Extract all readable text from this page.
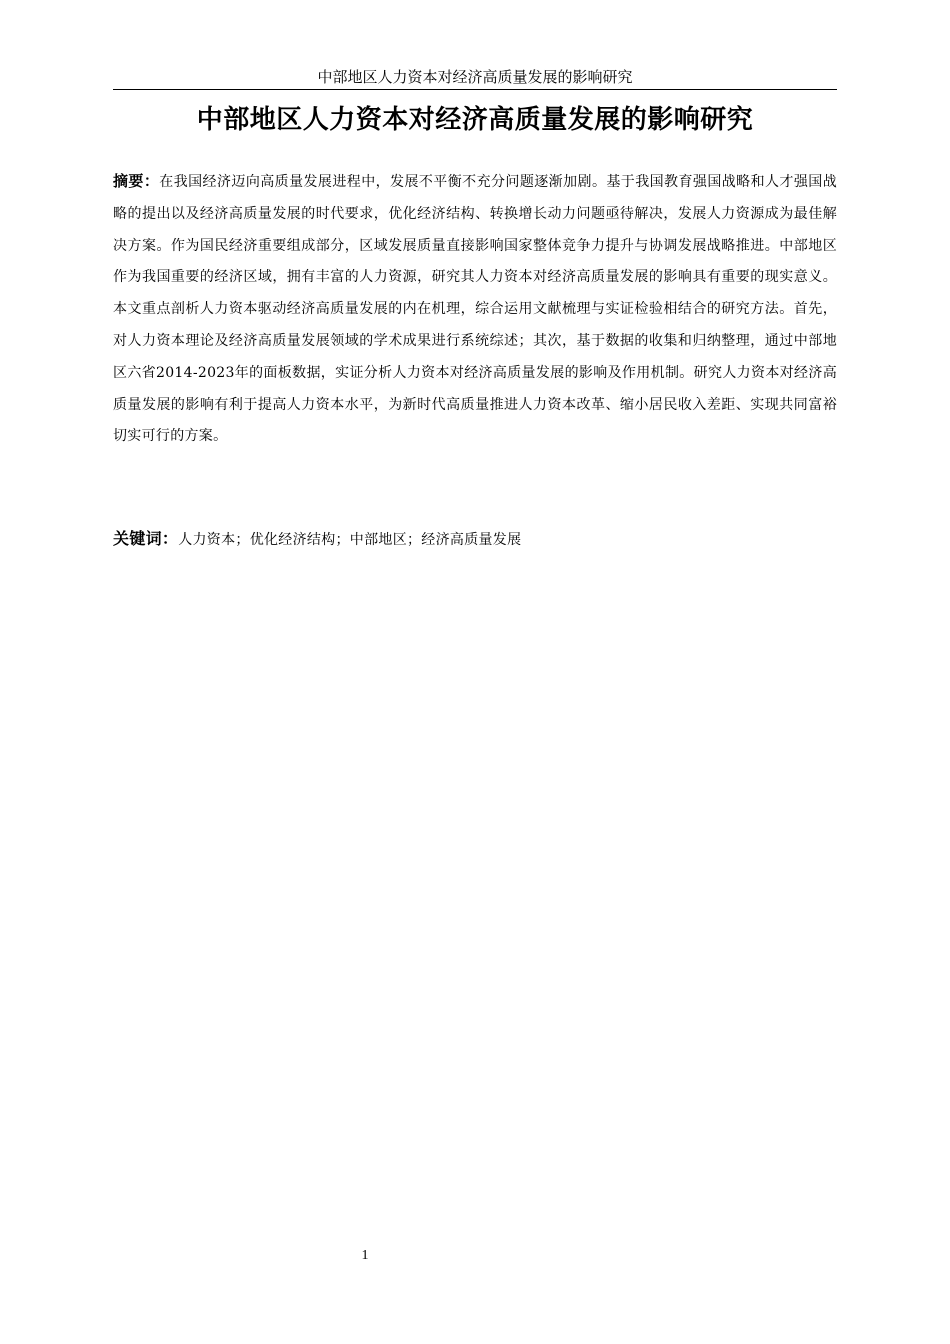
中部地区人力资本对经济高质量发展的影响研究
中部地区人力资本对经济高质量发展的影响研究

摘要：在我国经济迈向高质量发展进程中，发展不平衡不充分问题逐渐加剧。基于我国教育强国战略和人才强国战略的提出以及经济高质量发展的时代要求，优化经济结构、转换增长动力问题亟待解决，发展人力资源成为最佳解决方案。作为国民经济重要组成部分，区域发展质量直接影响国家整体竞争力提升与协调发展战略推进。中部地区作为我国重要的经济区域，拥有丰富的人力资源，研究其人力资本对经济高质量发展的影响具有重要的现实意义。本文重点剖析人力资本驱动经济高质量发展的内在机理，综合运用文献梳理与实证检验相结合的研究方法。首先，对人力资本理论及经济高质量发展领域的学术成果进行系统综述；其次，基于数据的收集和归纳整理，通过中部地区六省2014-2023年的面板数据，实证分析人力资本对经济高质量发展的影响及作用机制。研究人力资本对经济高质量发展的影响有利于提高人力资本水平，为新时代高质量推进人力资本改革、缩小居民收入差距、实现共同富裕切实可行的方案。

关键词：人力资本；优化经济结构；中部地区；经济高质量发展

1
